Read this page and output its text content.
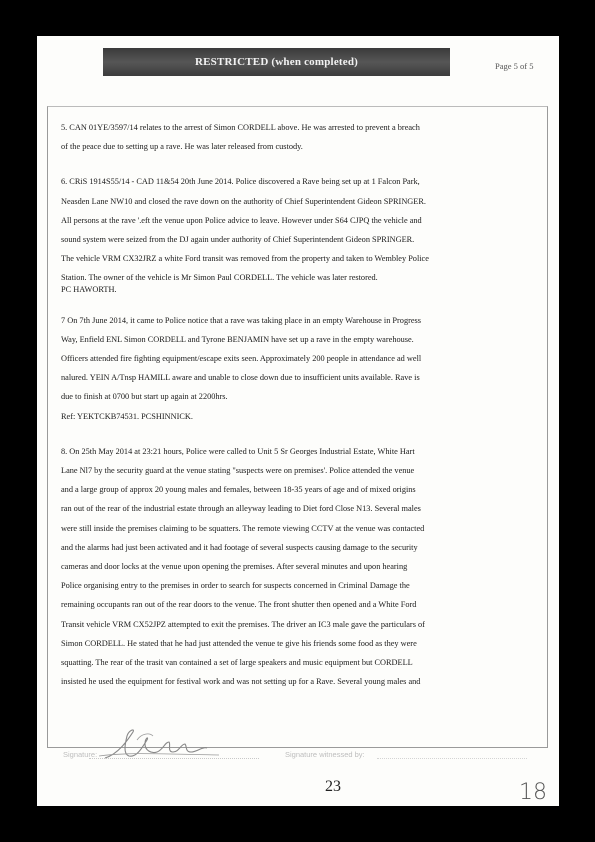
RESTRICTED (when completed)	Page 5 of 5

5. CAN 01YE/3597/14 relates to the arrest of Simon CORDELL above. He was arrested to prevent a breach
of the peace due to setting up a rave. He was later released from custody.

6. CRiS 1914S55/14 - CAD 11&54 20th June 2014. Police discovered a Rave being set up at 1 Falcon Park,
Neasden Lane NW10 and closed the rave down on the authority of Chief Superintendent Gideon SPRINGER.
All persons at the rave '.eft the venue upon Police advice to leave. However under S64 CJPQ the vehicle and
sound system were seized from the DJ again under authority of Chief Superintendent Gideon SPRINGER.
The vehicle VRM CX32JRZ a white Ford transit was removed from the property and taken to Wembley Police
Station. The owner of the vehicle is Mr Simon Paul CORDELL. The vehicle was later restored.
PC HAWORTH.

7 On 7th June 2014, it came to Police notice that a rave was taking place in an empty Warehouse in Progress
Way, Enfield ENL Simon CORDELL and Tyrone BENJAMIN have set up a rave in the empty warehouse.
Officers attended fire fighting equipment/escape exits seen. Approximately 200 people in attendance ad well
nalured. YEIN A/Tnsp HAMILL aware and unable to close down due to insufficient units available. Rave is
due to finish at 0700 but start up again at 2200hrs.
Ref: YEKTCKB74531. PCSHINNICK.

8. On 25th May 2014 at 23:21 hours, Police were called to Unit 5 Sr Georges Industrial Estate, White Hart
Lane Nl7 by the security guard at the venue stating "suspects were on premises'. Police attended the venue
and a large group of approx 20 young males and females, between 18-35 years of age and of mixed origins
ran out of the rear of the industrial estate through an alleyway leading to Diet ford Close N13. Several males
were still inside the premises claiming to be squatters. The remote viewing CCTV at the venue was contacted
and the alarms had just been activated and it had footage of several suspects causing damage to the security
cameras and door locks at the venue upon opening the premises. After several minutes and upon hearing
Police organising entry to the premises in order to search for suspects concerned in Criminal Damage the
remaining occupants ran out of the rear doors to the venue. The front shutter then opened and a White Ford
Transit vehicle VRM CX52JPZ attempted to exit the premises. The driver an IC3 male gave the particulars of
Simon CORDELL. He stated that he had just attended the venue te give his friends some food as they were
squatting. The rear of the trasit van contained a set of large speakers and music equipment but CORDELL
insisted he used the equipment for festival work and was not setting up for a Rave. Several young males and

Signature:	Signature witnessed by:
23	18
